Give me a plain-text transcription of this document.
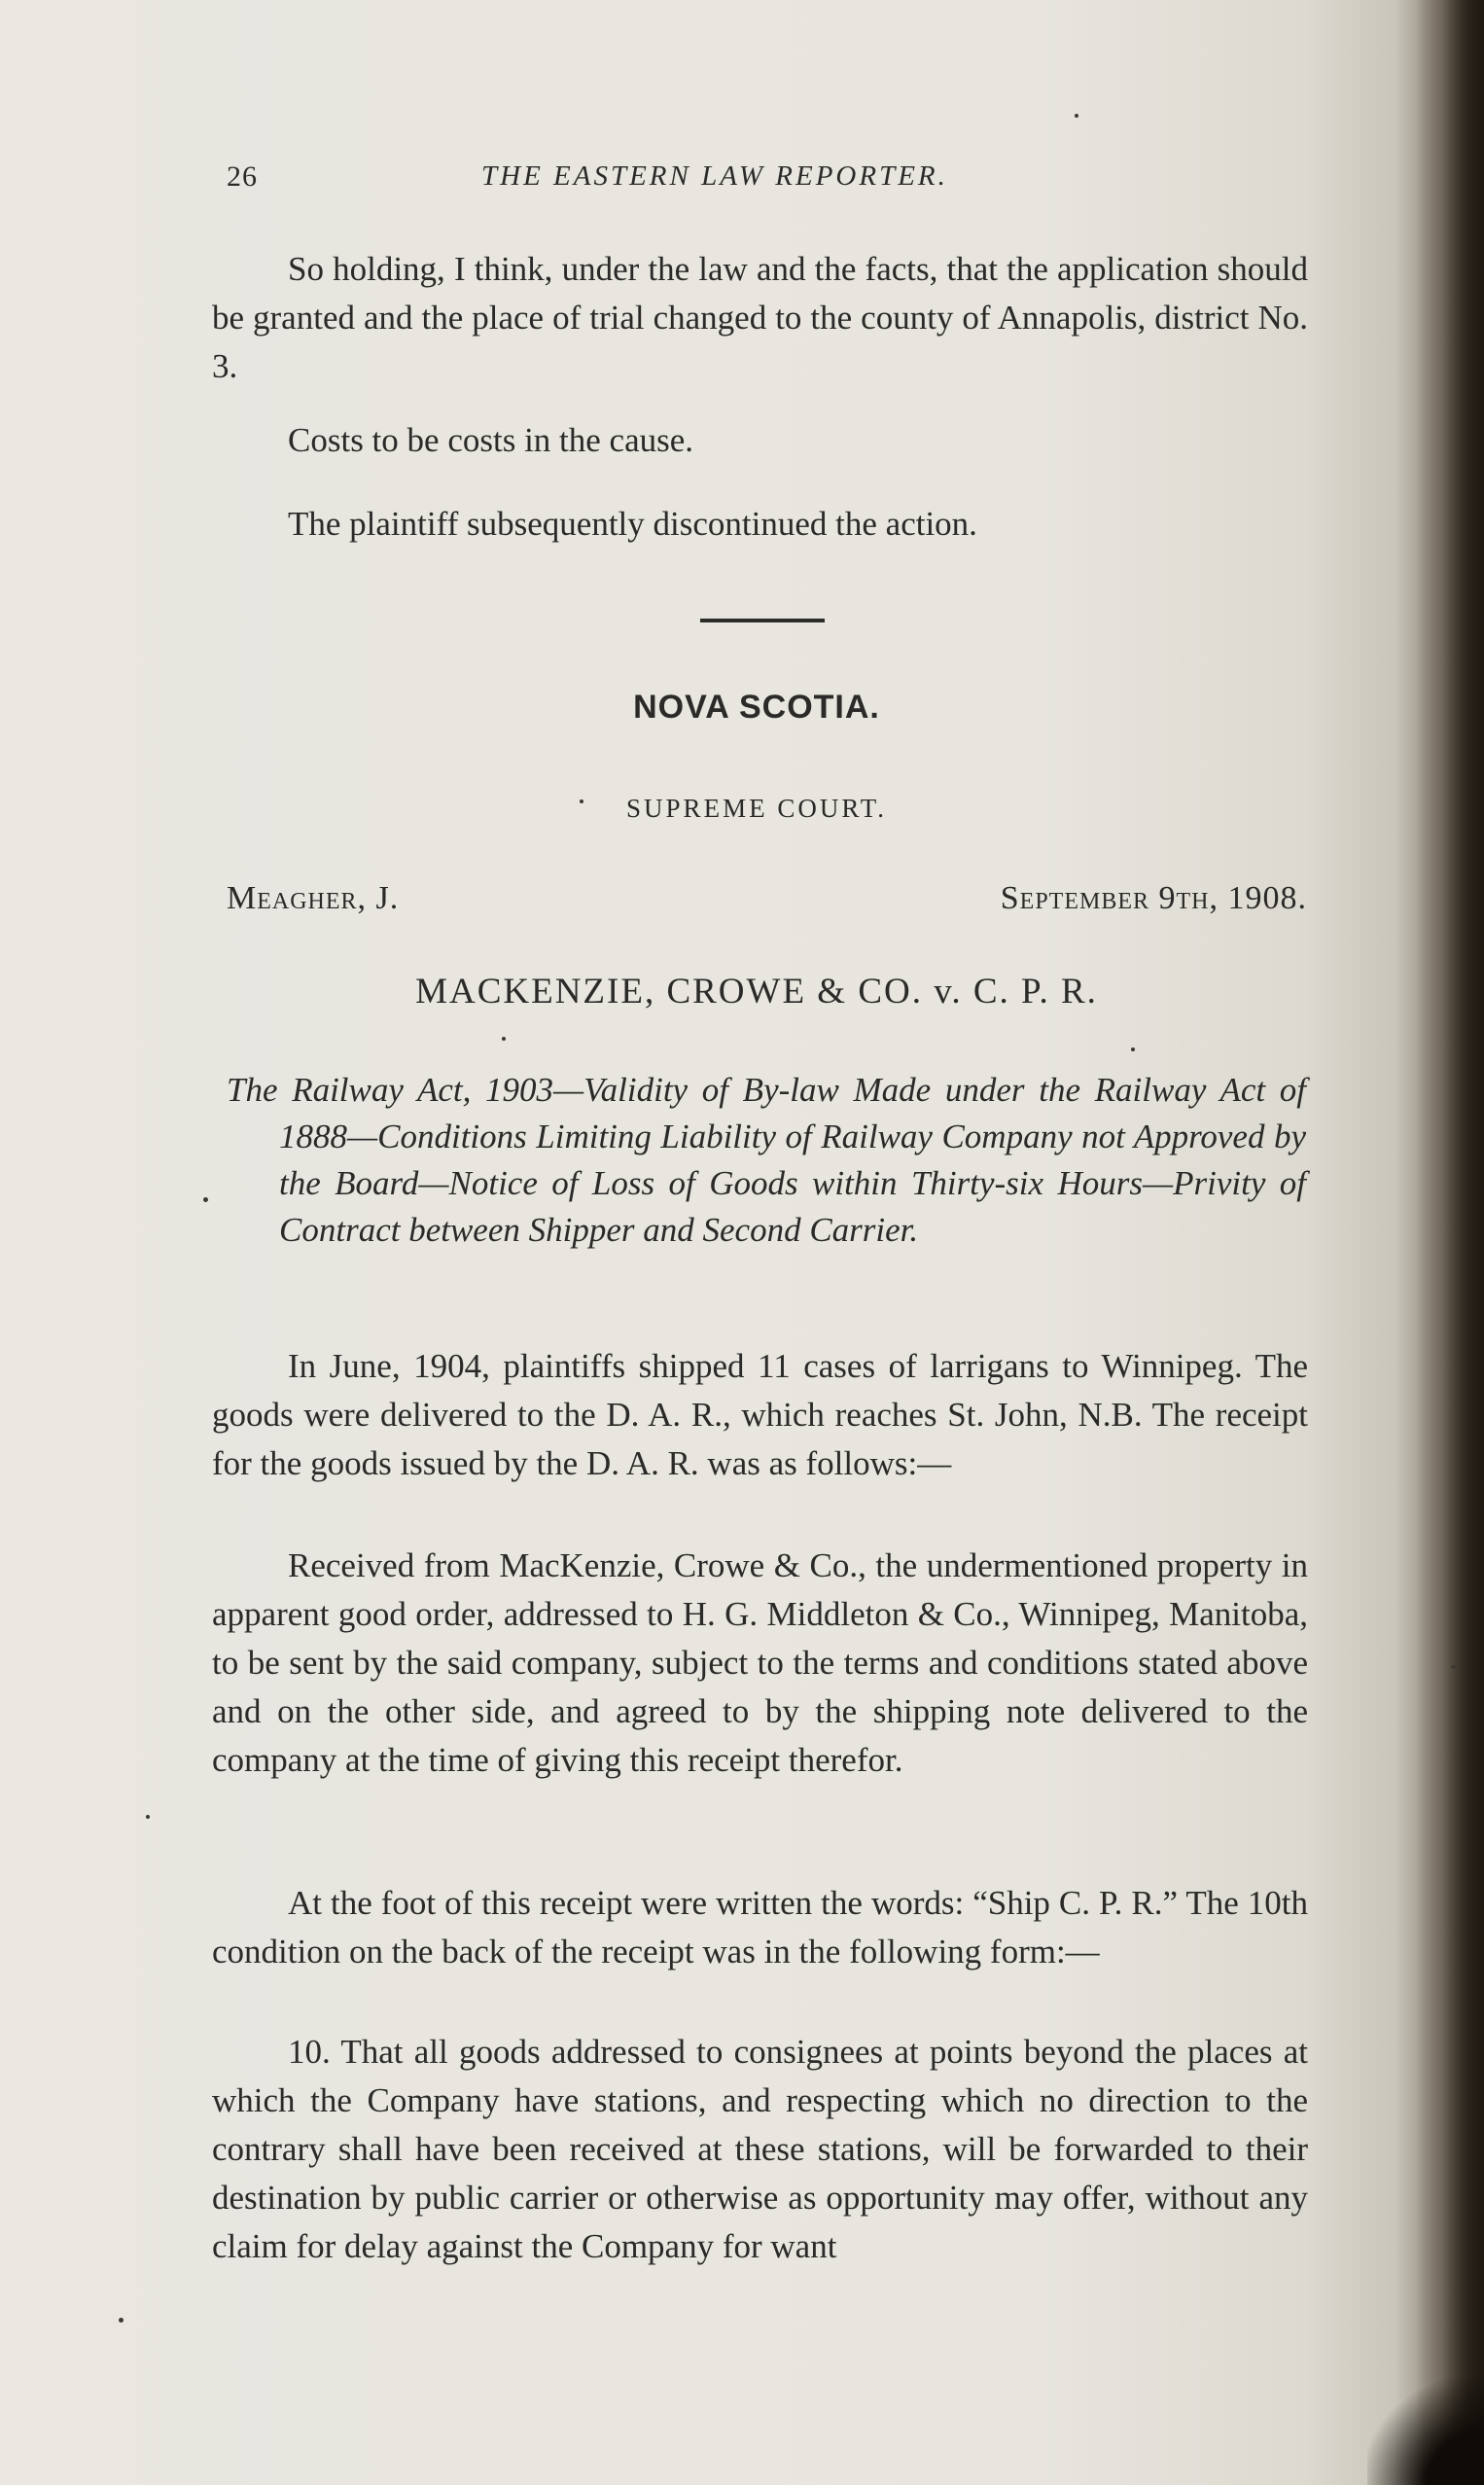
26	THE EASTERN LAW REPORTER.

So holding, I think, under the law and the facts, that the application should be granted and the place of trial changed to the county of Annapolis, district No. 3.

Costs to be costs in the cause.

The plaintiff subsequently discontinued the action.

NOVA SCOTIA.
SUPREME COURT.
Meagher, J.	September 9th, 1908.
MACKENZIE, CROWE & CO. v. C. P. R.
The Railway Act, 1903—Validity of By-law Made under the Railway Act of 1888—Conditions Limiting Liability of Railway Company not Approved by the Board—Notice of Loss of Goods within Thirty-six Hours—Privity of Contract between Shipper and Second Carrier.

In June, 1904, plaintiffs shipped 11 cases of larrigans to Winnipeg. The goods were delivered to the D. A. R., which reaches St. John, N.B. The receipt for the goods issued by the D. A. R. was as follows:—

Received from MacKenzie, Crowe & Co., the undermentioned property in apparent good order, addressed to H. G. Middleton & Co., Winnipeg, Manitoba, to be sent by the said company, subject to the terms and conditions stated above and on the other side, and agreed to by the shipping note delivered to the company at the time of giving this receipt therefor.

At the foot of this receipt were written the words: “Ship C. P. R.” The 10th condition on the back of the receipt was in the following form:—

10. That all goods addressed to consignees at points beyond the places at which the Company have stations, and respecting which no direction to the contrary shall have been received at these stations, will be forwarded to their destination by public carrier or otherwise as opportunity may offer, without any claim for delay against the Company for want
